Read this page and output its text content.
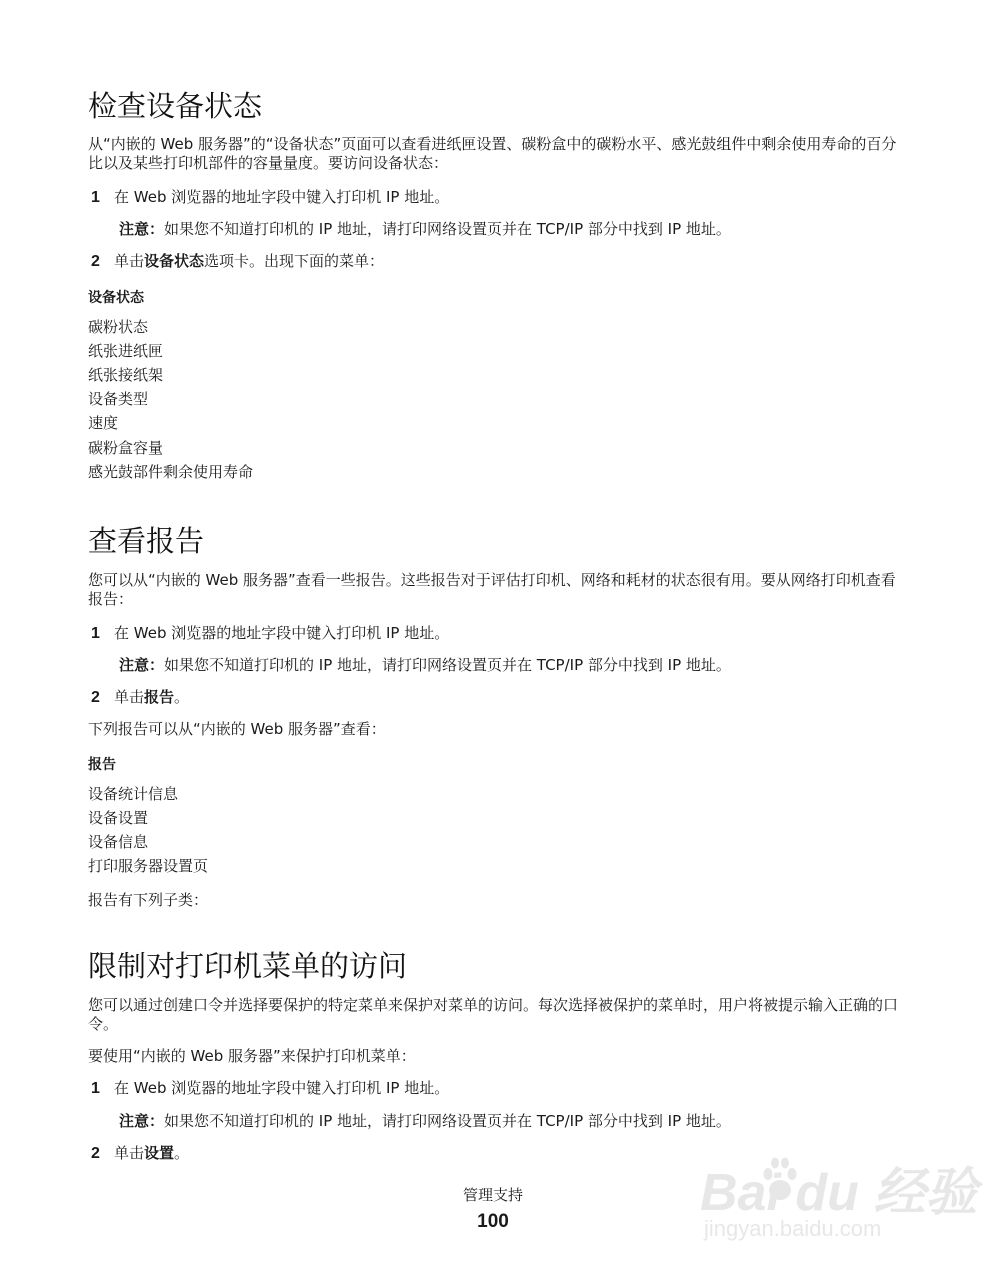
检查设备状态

从“内嵌的 Web 服务器”的“设备状态”页面可以查看进纸匣设置、碳粉盒中的碳粉水平、感光鼓组件中剩余使用寿命的百分比以及某些打印机部件的容量量度。要访问设备状态：

1 在 Web 浏览器的地址字段中键入打印机 IP 地址。
注意：如果您不知道打印机的 IP 地址，请打印网络设置页并在 TCP/IP 部分中找到 IP 地址。
2 单击设备状态选项卡。出现下面的菜单：
设备状态
碳粉状态
纸张进纸匣
纸张接纸架
设备类型
速度
碳粉盒容量
感光鼓部件剩余使用寿命
查看报告

您可以从“内嵌的 Web 服务器”查看一些报告。这些报告对于评估打印机、网络和耗材的状态很有用。要从网络打印机查看报告：

1 在 Web 浏览器的地址字段中键入打印机 IP 地址。
注意：如果您不知道打印机的 IP 地址，请打印网络设置页并在 TCP/IP 部分中找到 IP 地址。
2 单击报告。
下列报告可以从“内嵌的 Web 服务器”查看：
报告
设备统计信息
设备设置
设备信息
打印服务器设置页
报告有下列子类：
限制对打印机菜单的访问

您可以通过创建口令并选择要保护的特定菜单来保护对菜单的访问。每次选择被保护的菜单时，用户将被提示输入正确的口令。

要使用“内嵌的 Web 服务器”来保护打印机菜单：
1 在 Web 浏览器的地址字段中键入打印机 IP 地址。
注意：如果您不知道打印机的 IP 地址，请打印网络设置页并在 TCP/IP 部分中找到 IP 地址。
2 单击设置。
管理支持
100	Bai du 经验
jingyan.baidu.com
